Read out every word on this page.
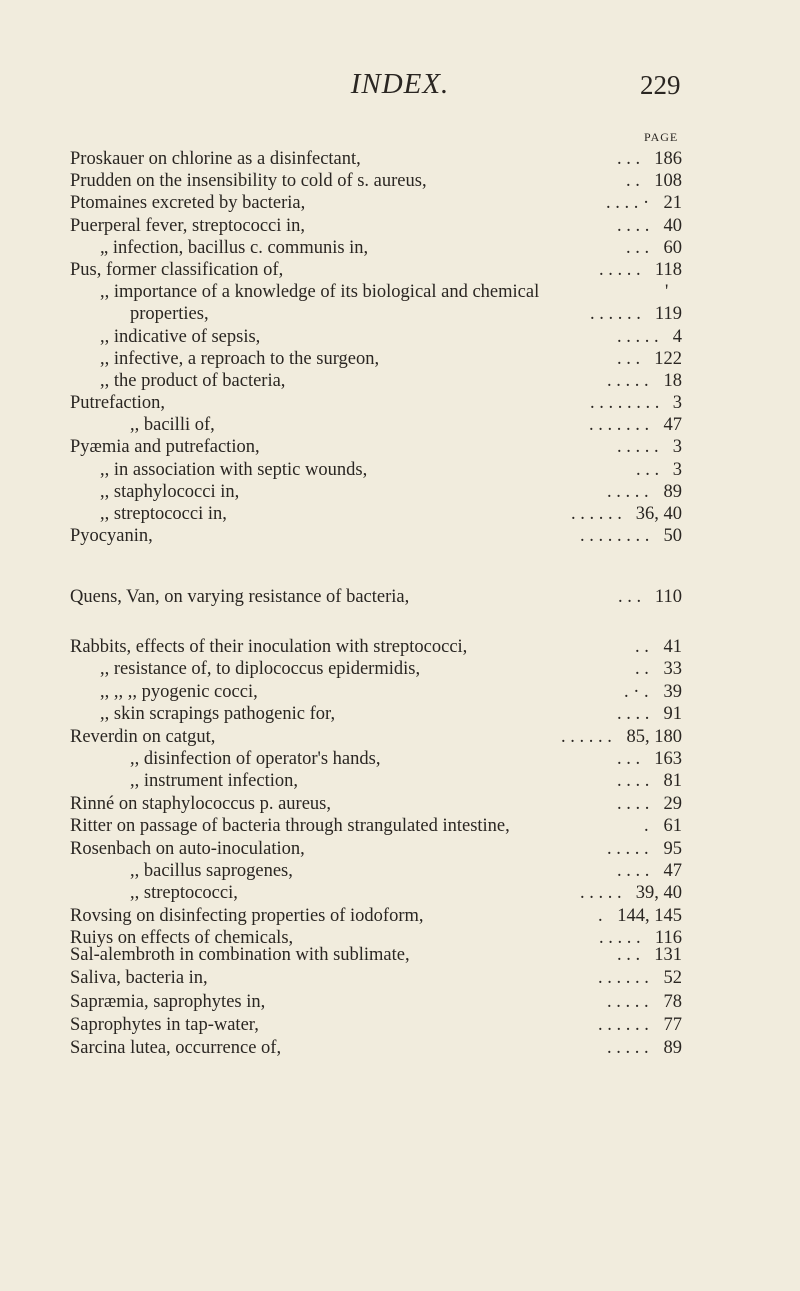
INDEX.	229
PAGE
Proskauer on chlorine as a disinfectant,	. . . 186
Prudden on the insensibility to cold of s. aureus,	. . 108
Ptomaines excreted by bacteria,	. . . . · 21
Puerperal fever, streptococci in,	. . . . 40
„ infection, bacillus c. communis in,	. . . 60
Pus, former classification of,	. . . . . 118
,, importance of a knowledge of its biological and chemical	'
properties,	. . . . . . 119
,, indicative of sepsis,	. . . . . 4
,, infective, a reproach to the surgeon,	. . . 122
,, the product of bacteria,	. . . . . 18
Putrefaction,	. . . . . . . . 3
,, bacilli of,	. . . . . . . 47
Pyæmia and putrefaction,	. . . . . 3
,, in association with septic wounds,	. . . 3
,, staphylococci in,	. . . . . 89
,, streptococci in,	. . . . . . 36, 40
Pyocyanin,	. . . . . . . . 50
Quens, Van, on varying resistance of bacteria,	. . . 110
Rabbits, effects of their inoculation with streptococci,	. . 41
,, resistance of, to diplococcus epidermidis,	. . 33
,, ,, ,, pyogenic cocci,	. · . 39
,, skin scrapings pathogenic for,	. . . . 91
Reverdin on catgut,	. . . . . . 85, 180
,, disinfection of operator's hands,	. . . 163
,, instrument infection,	. . . . 81
Rinné on staphylococcus p. aureus,	. . . . 29
Ritter on passage of bacteria through strangulated intestine,	. 61
Rosenbach on auto-inoculation,	. . . . . 95
,, bacillus saprogenes,	. . . . 47
,, streptococci,	. . . . . 39, 40
Rovsing on disinfecting properties of iodoform,	. 144, 145
Ruiys on effects of chemicals,	. . . . . 116
Sal-alembroth in combination with sublimate,	. . . 131
Saliva, bacteria in,	. . . . . . 52
Sapræmia, saprophytes in,	. . . . . 78
Saprophytes in tap-water,	. . . . . . 77
Sarcina lutea, occurrence of,	. . . . . 89
